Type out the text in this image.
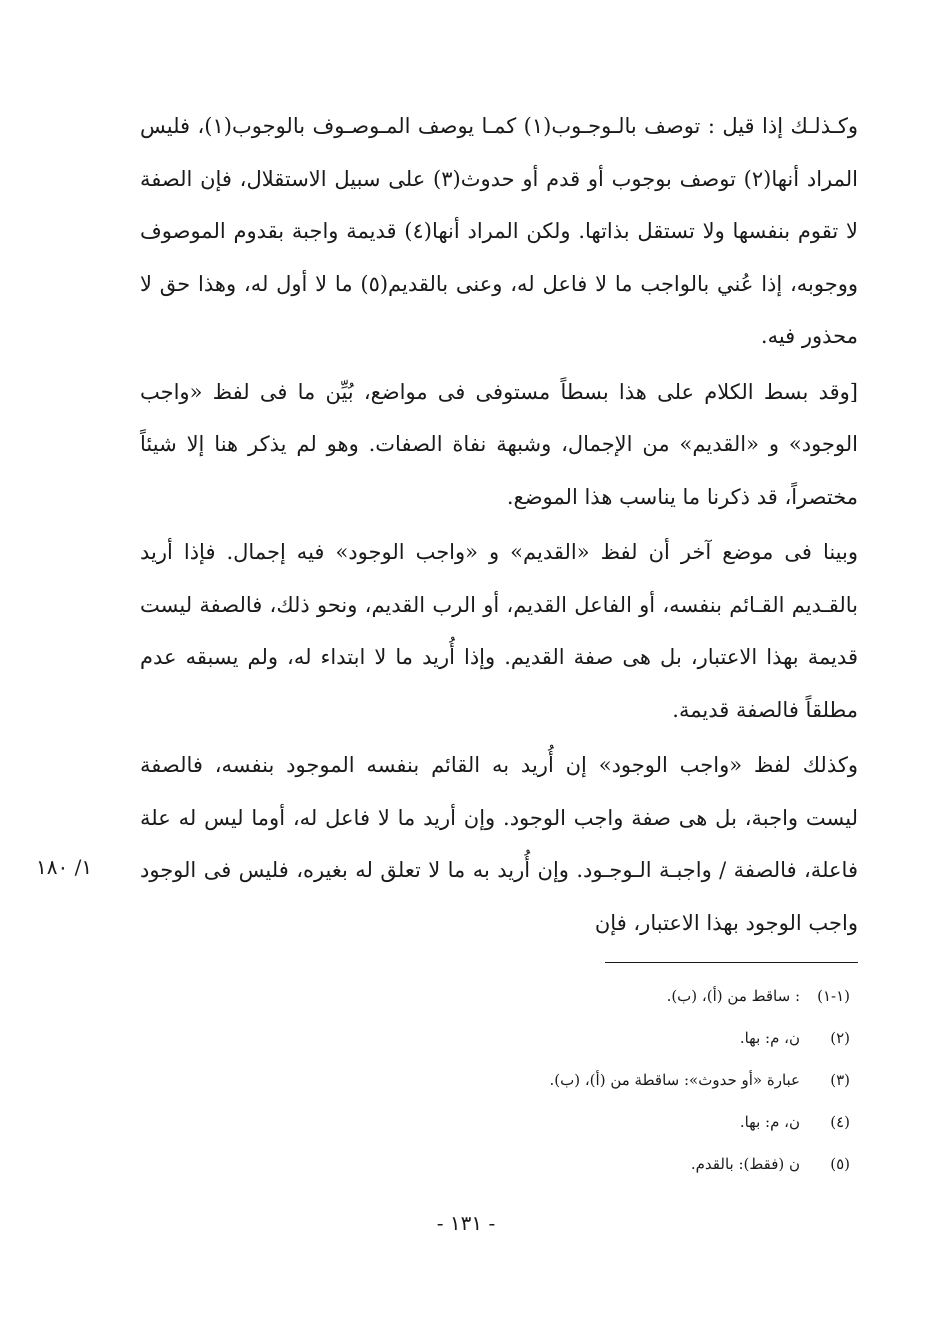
وكـذلـك إذا قيل : توصف بالـوجـوب(١) كمـا يوصف المـوصـوف بالوجوب(١)، فليس المراد أنها(٢) توصف بوجوب أو قدم أو حدوث(٣) على سبيل الاستقلال، فإن الصفة لا تقوم بنفسها ولا تستقل بذاتها. ولكن المراد أنها(٤) قديمة واجبة بقدوم الموصوف ووجوبه، إذا عُني بالواجب ما لا فاعل له، وعنى بالقديم(٥) ما لا أول له، وهذا حق لا محذور فيه.

[وقد بسط الكلام على هذا بسطاً مستوفى فى مواضع، بُيِّن ما فى لفظ «واجب الوجود» و «القديم» من الإجمال، وشبهة نفاة الصفات. وهو لم يذكر هنا إلا شيئاً مختصراً، قد ذكرنا ما يناسب هذا الموضع.

وبينا فى موضع آخر أن لفظ «القديم» و «واجب الوجود» فيه إجمال. فإذا أريد بالقـديم القـائم بنفسه، أو الفاعل القديم، أو الرب القديم، ونحو ذلك، فالصفة ليست قديمة بهذا الاعتبار، بل هى صفة القديم. وإذا أُريد ما لا ابتداء له، ولم يسبقه عدم مطلقاً فالصفة قديمة.

وكذلك لفظ «واجب الوجود» إن أُريد به القائم بنفسه الموجود بنفسه، فالصفة ليست واجبة، بل هى صفة واجب الوجود. وإن أريد ما لا فاعل له، أوما ليس له علة فاعلة، فالصفة / واجبـة الـوجـود. وإن أُريد به ما لا تعلق له بغيره، فليس فى الوجود واجب الوجود بهذا الاعتبار، فإن

١/ ١٨٠
(١-١): ساقط من (أ)، (ب).
(٢)ن، م: بها.
(٣)عبارة «أو حدوث»: ساقطة من (أ)، (ب).
(٤)ن، م: بها.
(٥)ن (فقط): بالقدم.
- ١٣١ -
